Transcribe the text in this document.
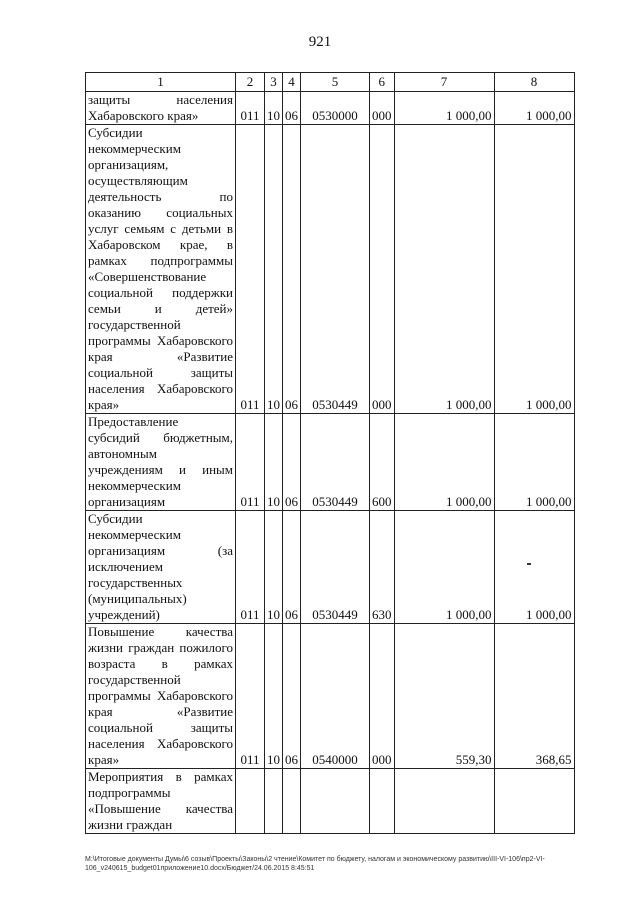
921
1	2	3	4	5	6	7	8
защиты населения Хабаровского края»	011	10	06	0530000	000	1 000,00	1 000,00
Субсидии некоммерческим организациям, осуществляющим деятельность по оказанию социальных услуг семьям с детьми в Хабаровском крае, в рамках подпрограммы «Совершенствование социальной поддержки семьи и детей» государственной программы Хабаровского края «Развитие социальной защиты населения Хабаровского края»	011	10	06	0530449	000	1 000,00	1 000,00
Предоставление субсидий бюджетным, автономным учреждениям и иным некоммерческим организациям	011	10	06	0530449	600	1 000,00	1 000,00
Субсидии некоммерческим организациям (за исключением государственных (муниципальных) учреждений)	011	10	06	0530449	630	1 000,00	1 000,00
Повышение качества жизни граждан пожилого возраста в рамках государственной программы Хабаровского края «Развитие социальной защиты населения Хабаровского края»	011	10	06	0540000	000	559,30	368,65
Мероприятия в рамках подпрограммы «Повышение качества жизни граждан							
M:\Итоговые документы Думы\6 созыв\Проекты\Законы\2 чтение\Комитет по бюджету, налогам и экономическому развитию\III-VI-106\пр2-VI-106_v240615_budget01приложение10.docx/Бюджет/24.06.2015 8:45:51
